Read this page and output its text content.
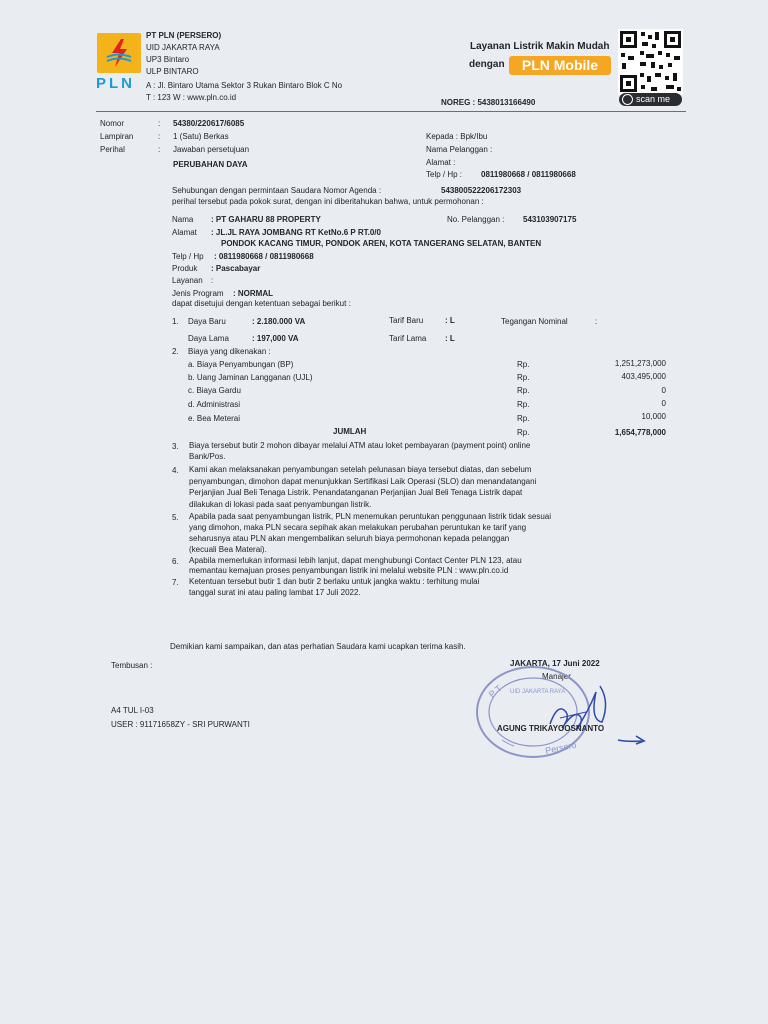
PLN
PT PLN (PERSERO)
UID JAKARTA RAYA
UP3 Bintaro
ULP BINTARO
A : Jl. Bintaro Utama Sektor 3 Rukan Bintaro Blok C No
T : 123 W : www.pln.co.id
Layanan Listrik Makin Mudah
dengan	PLN Mobile
scan me
NOREG : 5438013166490
Nomor	: 54380/220617/6085
Lampiran	: 1 (Satu) Berkas
Perihal	: Jawaban persetujuan
PERUBAHAN DAYA
Kepada : Bpk/Ibu
Nama Pelanggan :
Alamat :
Telp / Hp : 0811980668 / 0811980668
Sehubungan dengan permintaan Saudara Nomor Agenda :	543800522206172303
perihal tersebut pada pokok surat, dengan ini diberitahukan bahwa, untuk permohonan :
Nama : PT GAHARU 88 PROPERTY	No. Pelanggan : 543103907175
Alamat : JL.JL RAYA JOMBANG RT KetNo.6 P RT.0/0
PONDOK KACANG TIMUR, PONDOK AREN, KOTA TANGERANG SELATAN, BANTEN
Telp / Hp : 0811980668 / 0811980668
Produk : Pascabayar
Layanan :
Jenis Program : NORMAL
dapat disetujui dengan ketentuan sebagai berikut :
1. Daya Baru	: 2.180.000 VA	Tarif Baru	: L	Tegangan Nominal	:
Daya Lama	: 197,000 VA	Tarif Lama : L
2. Biaya yang dikenakan :
a. Biaya Penyambungan (BP)	Rp.	1,251,273,000
b. Uang Jaminan Langganan (UJL)	Rp.	403,495,000
c. Biaya Gardu	Rp.	0
d. Administrasi	Rp.	0
e. Bea Meterai	Rp.	10,000
JUMLAH	Rp.	1,654,778,000
3. Biaya tersebut butir 2 mohon dibayar melalui ATM atau loket pembayaran (payment point) online
Bank/Pos.
4. Kami akan melaksanakan penyambungan setelah pelunasan biaya tersebut diatas, dan sebelum
penyambungan, dimohon dapat menunjukkan Sertifikasi Laik Operasi (SLO) dan menandatangani
Perjanjian Jual Beli Tenaga Listrik. Penandatanganan Perjanjian Jual Beli Tenaga Listrik dapat
dilakukan di lokasi pada saat penyambungan listrik.
5. Apabila pada saat penyambungan listrik, PLN menemukan peruntukan penggunaan listrik tidak sesuai
yang dimohon, maka PLN secara sepihak akan melakukan perubahan peruntukan ke tarif yang
seharusnya atau PLN akan mengembalikan seluruh biaya permohonan kepada pelanggan
(kecuali Bea Materai).
6. Apabila memerlukan informasi lebih lanjut, dapat menghubungi Contact Center PLN 123, atau
memantau kemajuan proses penyambungan listrik ini melalui website PLN : www.pln.co.id
7. Ketentuan tersebut butir 1 dan butir 2 berlaku untuk jangka waktu : terhitung mulai
tanggal surat ini atau paling lambat 17 Juli 2022.
Demikian kami sampaikan, dan atas perhatian Saudara kami ucapkan terima kasih.
Tembusan :	JAKARTA, 17 Juni 2022
Manajer,
P T
Persero
UID JAKARTA RAYA
AGUNG TRIKAYOOSNANTO
A4 TUL I-03
USER : 91171658ZY - SRI PURWANTI
